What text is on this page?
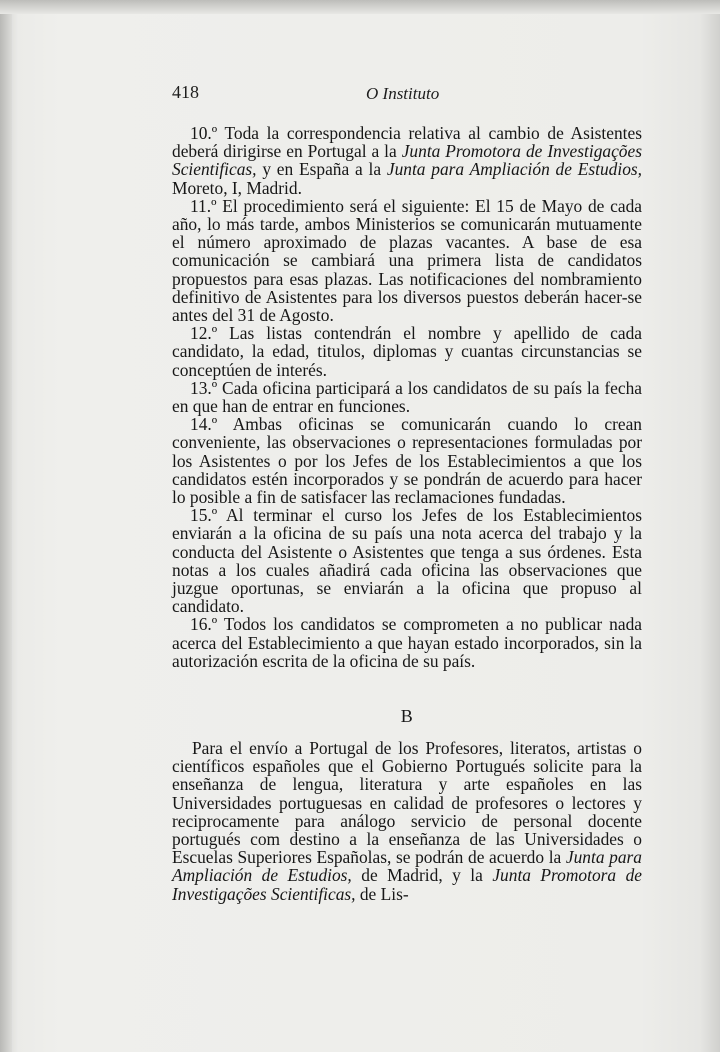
418	O Instituto

10.º Toda la correspondencia relativa al cambio de Asistentes deberá dirigirse en Portugal a la Junta Promotora de Investigações Scientificas, y en España a la Junta para Ampliación de Estudios, Moreto, I, Madrid.

11.º El procedimiento será el siguiente: El 15 de Mayo de cada año, lo más tarde, ambos Ministerios se comunicarán mutuamente el número aproximado de plazas vacantes. A base de esa comunicación se cambiará una primera lista de candidatos propuestos para esas plazas. Las notificaciones del nombramiento definitivo de Asistentes para los diversos puestos deberán hacer-se antes del 31 de Agosto.

12.º Las listas contendrán el nombre y apellido de cada candidato, la edad, titulos, diplomas y cuantas circunstancias se conceptúen de interés.

13.º Cada oficina participará a los candidatos de su país la fecha en que han de entrar en funciones.

14.º Ambas oficinas se comunicarán cuando lo crean conveniente, las observaciones o representaciones formuladas por los Asistentes o por los Jefes de los Establecimientos a que los candidatos estén incorporados y se pondrán de acuerdo para hacer lo posible a fin de satisfacer las reclamaciones fundadas.

15.º Al terminar el curso los Jefes de los Establecimientos enviarán a la oficina de su país una nota acerca del trabajo y la conducta del Asistente o Asistentes que tenga a sus órdenes. Esta notas a los cuales añadirá cada oficina las observaciones que juzgue oportunas, se enviarán a la oficina que propuso al candidato.

16.º Todos los candidatos se comprometen a no publicar nada acerca del Establecimiento a que hayan estado incorporados, sin la autorización escrita de la oficina de su país.

B

Para el envío a Portugal de los Profesores, literatos, artistas o científicos españoles que el Gobierno Portugués solicite para la enseñanza de lengua, literatura y arte españoles en las Universidades portuguesas en calidad de profesores o lectores y reciprocamente para análogo servicio de personal docente portugués com destino a la enseñanza de las Universidades o Escuelas Superiores Españolas, se podrán de acuerdo la Junta para Ampliación de Estudios, de Madrid, y la Junta Promotora de Investigações Scientificas, de Lis-
